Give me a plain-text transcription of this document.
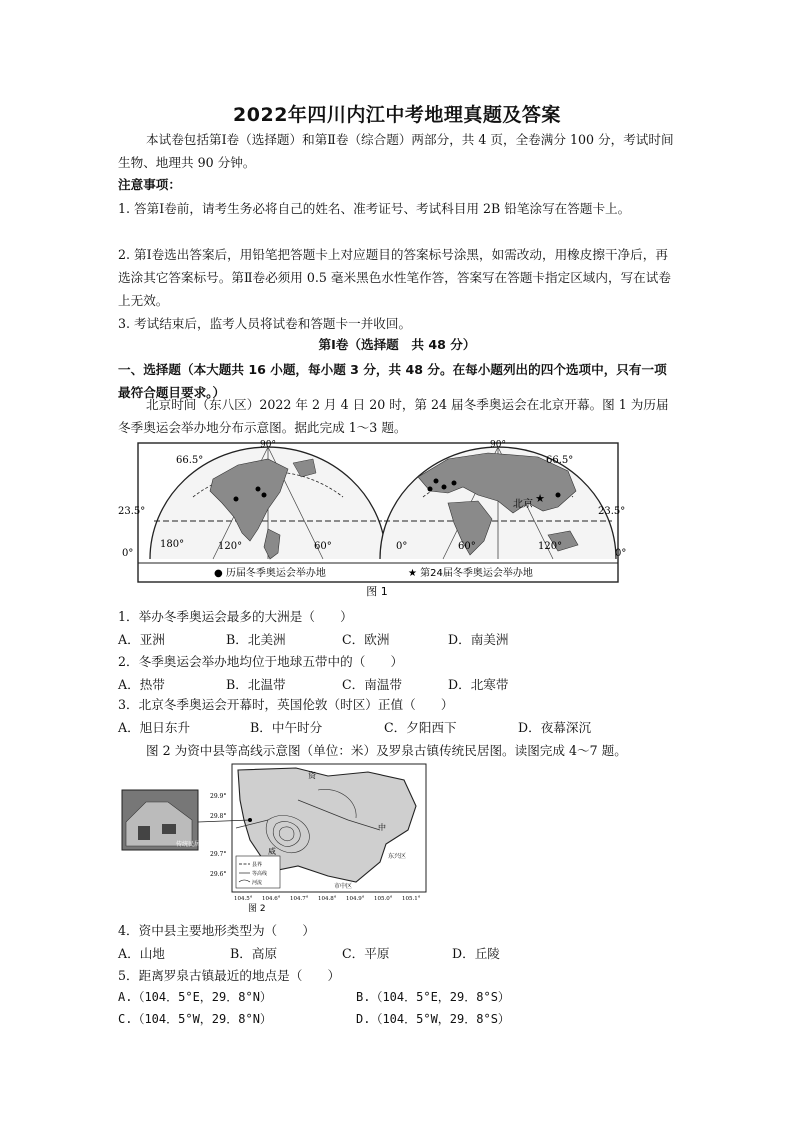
2022年四川内江中考地理真题及答案
本试卷包括第Ⅰ卷（选择题）和第Ⅱ卷（综合题）两部分，共 4 页，全卷满分 100 分，考试时间生物、地理共 90 分钟。
注意事项：
1. 答第Ⅰ卷前，请考生务必将自己的姓名、准考证号、考试科目用 2B 铅笔涂写在答题卡上。
2. 第Ⅰ卷选出答案后，用铅笔把答题卡上对应题目的答案标号涂黑，如需改动，用橡皮擦干净后，再选涂其它答案标号。第Ⅱ卷必须用 0.5 毫米黑色水性笔作答，答案写在答题卡指定区域内，写在试卷上无效。
3. 考试结束后，监考人员将试卷和答题卡一并收回。
第Ⅰ卷（选择题　共 48 分）
一、选择题（本大题共 16 小题，每小题 3 分，共 48 分。在每小题列出的四个选项中，只有一项最符合题目要求。）
北京时间（东八区）2022 年 2 月 4 日 20 时，第 24 届冬季奥运会在北京开幕。图 1 为历届冬季奥运会举办地分布示意图。据此完成 1～3 题。
★
北京
90°	90°
66.5°	66.5°
23.5°	23.5°
0°	0°
180°	120°	60°	0°	60°	120°
● 历届冬季奥运会举办地	★ 第24届冬季奥运会举办地
图 1
1．举办冬季奥运会最多的大洲是（　　）
A．亚洲	B．北美洲	C．欧洲	D．南美洲
2．冬季奥运会举办地均位于地球五带中的（　　）
A．热带	B．北温带	C．南温带	D．北寒带
3．北京冬季奥运会开幕时，英国伦敦（时区）正值（　　）
A．旭日东升	B．中午时分	C．夕阳西下	D．夜幕深沉
图 2 为资中县等高线示意图（单位：米）及罗泉古镇传统民居图。读图完成 4～7 题。
传统民居
资
中
威
东兴区
市中区
县界
等高线
河流
29.9°
29.8°
29.7°
29.6°
104.5° 104.6° 104.7° 104.8° 104.9° 105.0° 105.1°
图 2
4．资中县主要地形类型为（　　）
A．山地	B．高原	C．平原	D．丘陵
5．距离罗泉古镇最近的地点是（　　）
A.（104．5°E，29．8°N）	B.（104．5°E，29．8°S）
C.（104．5°W，29．8°N）	D.（104．5°W，29．8°S）
